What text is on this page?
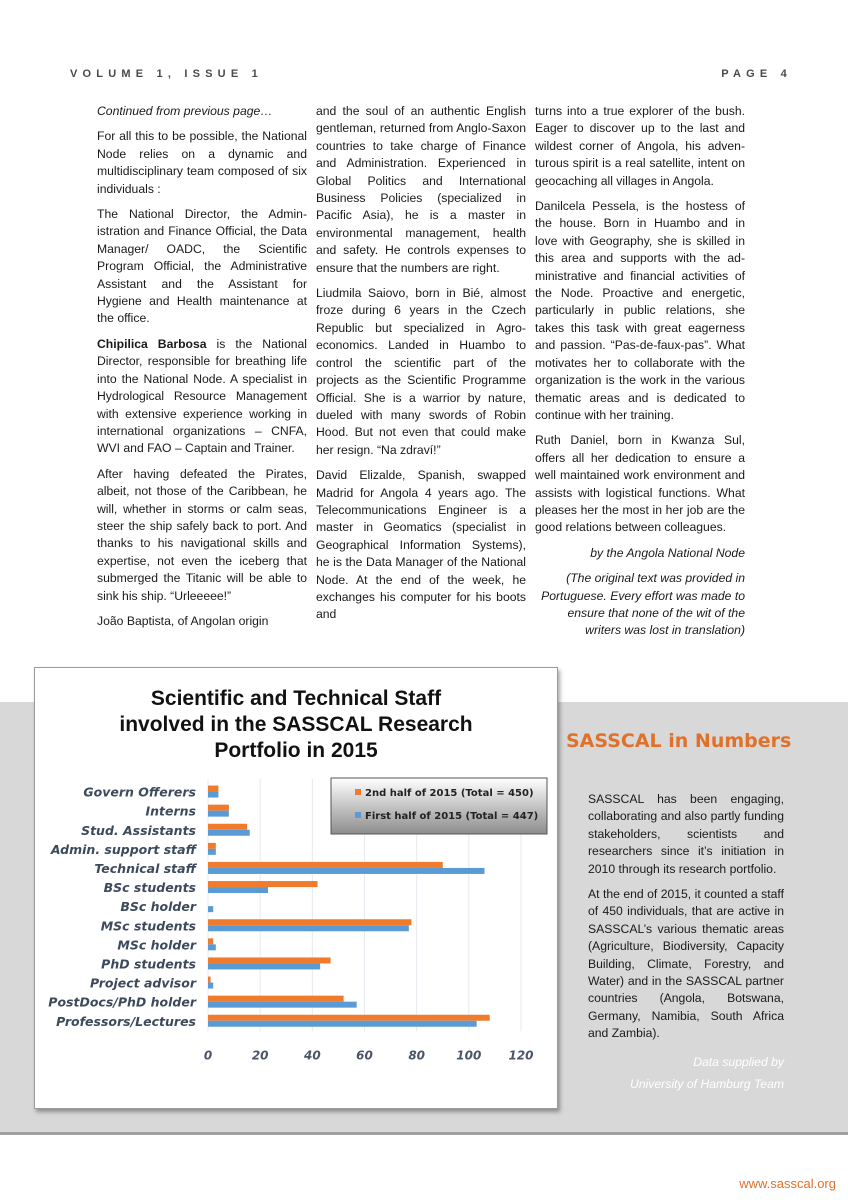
VOLUME 1, ISSUE 1	PAGE 4

Continued from previous page…

For all this to be possible, the National Node relies on a dynamic and multidisciplinary team composed of six individuals :

The National Director, the Administration and Finance Official, the Data Manager/ OADC, the Scientific Program Official, the Administrative Assistant and the Assistant for Hygiene and Health maintenance at the office.

Chipilica Barbosa is the National Director, responsible for breathing life into the National Node. A specialist in Hydrological Resource Management with extensive experience working in international organizations – CNFA, WVI and FAO – Captain and Trainer.

After having defeated the Pirates, albeit, not those of the Caribbean, he will, whether in storms or calm seas, steer the ship safely back to port. And thanks to his navigational skills and expertise, not even the iceberg that submerged the Titanic will be able to sink his ship. “Urleeeee!”

João Baptista, of Angolan origin

and the soul of an authentic English gentleman, returned from Anglo-Saxon countries to take charge of Finance and Administration. Experienced in Global Politics and International Business Policies (specialized in Pacific Asia), he is a master in environmental management, health and safety. He controls expenses to ensure that the numbers are right.

Liudmila Saiovo, born in Bié, almost froze during 6 years in the Czech Republic but specialized in Agro-economics. Landed in Huambo to control the scientific part of the projects as the Scientific Programme Official. She is a warrior by nature, dueled with many swords of Robin Hood. But not even that could make her resign. “Na zdraví!”

David Elizalde, Spanish, swapped Madrid for Angola 4 years ago. The Telecommunications Engineer is a master in Geomatics (specialist in Geographical Information Systems), he is the Data Manager of the National Node. At the end of the week, he exchanges his computer for his boots and

turns into a true explorer of the bush. Eager to discover up to the last and wildest corner of Angola, his adventurous spirit is a real satellite, intent on geocaching all villages in Angola.

Danilcela Pessela, is the hostess of the house. Born in Huambo and in love with Geography, she is skilled in this area and supports with the administrative and financial activities of the Node. Proactive and energetic, particularly in public relations, she takes this task with great eagerness and passion. “Pas-de-faux-pas”. What motivates her to collaborate with the organization is the work in the various thematic areas and is dedicated to continue with her training.

Ruth Daniel, born in Kwanza Sul, offers all her dedication to ensure a well maintained work environment and assists with logistical functions. What pleases her the most in her job are the good relations between colleagues.

by the Angola National Node

(The original text was provided in Portuguese. Every effort was made to ensure that none of the wit of the writers was lost in translation)

Scientific and Technical Staff
involved in the SASSCAL Research
Portfolio in 2015
0	20	40	60	80	100 120
Govern Offerers
Interns
Stud. Assistants
Admin. support staff
Technical staff
BSc students
BSc holder
MSc students
MSc holder
PhD students
Project advisor
PostDocs/PhD holder
Professors/Lectures
2nd half of 2015 (Total = 450)
First half of 2015 (Total = 447)
SASSCAL in Numbers

SASSCAL has been engaging, collaborating and also partly funding stakeholders, scientists and researchers since it’s initiation in 2010 through its research portfolio.

At the end of 2015, it counted a staff of 450 individuals, that are active in SASSCAL’s various thematic areas (Agriculture, Biodiversity, Capacity Building, Climate, Forestry, and Water) and in the SASSCAL partner countries (Angola, Botswana, Germany, Namibia, South Africa and Zambia).

Data supplied by
University of Hamburg Team
www.sasscal.org
